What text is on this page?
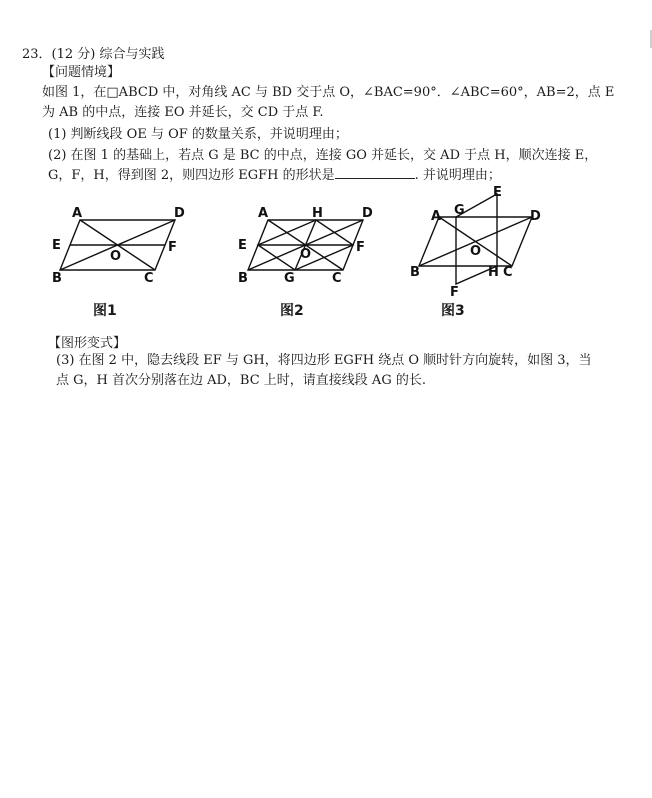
23．(12 分) 综合与实践
【问题情境】
如图 1，在□ABCD 中，对角线 AC 与 BD 交于点 O，∠BAC=90°．∠ABC=60°，AB=2，点 E
为 AB 的中点，连接 EO 并延长，交 CD 于点 F.
(1) 判断线段 OE 与 OF 的数量关系，并说明理由；
(2) 在图 1 的基础上，若点 G 是 BC 的中点，连接 GO 并延长，交 AD 于点 H，顺次连接 E，
G，F，H，得到图 2，则四边形 EGFH 的形状是	. 并说明理由；
A	D
E	F
O
B	C
图1
A	H	D
E	F
O
B	G	C
图2
A G
E
D
O
B	H C
F
图3
【图形变式】
(3) 在图 2 中，隐去线段 EF 与 GH，将四边形 EGFH 绕点 O 顺时针方向旋转，如图 3，当
点 G，H 首次分别落在边 AD，BC 上时，请直接线段 AG 的长.
